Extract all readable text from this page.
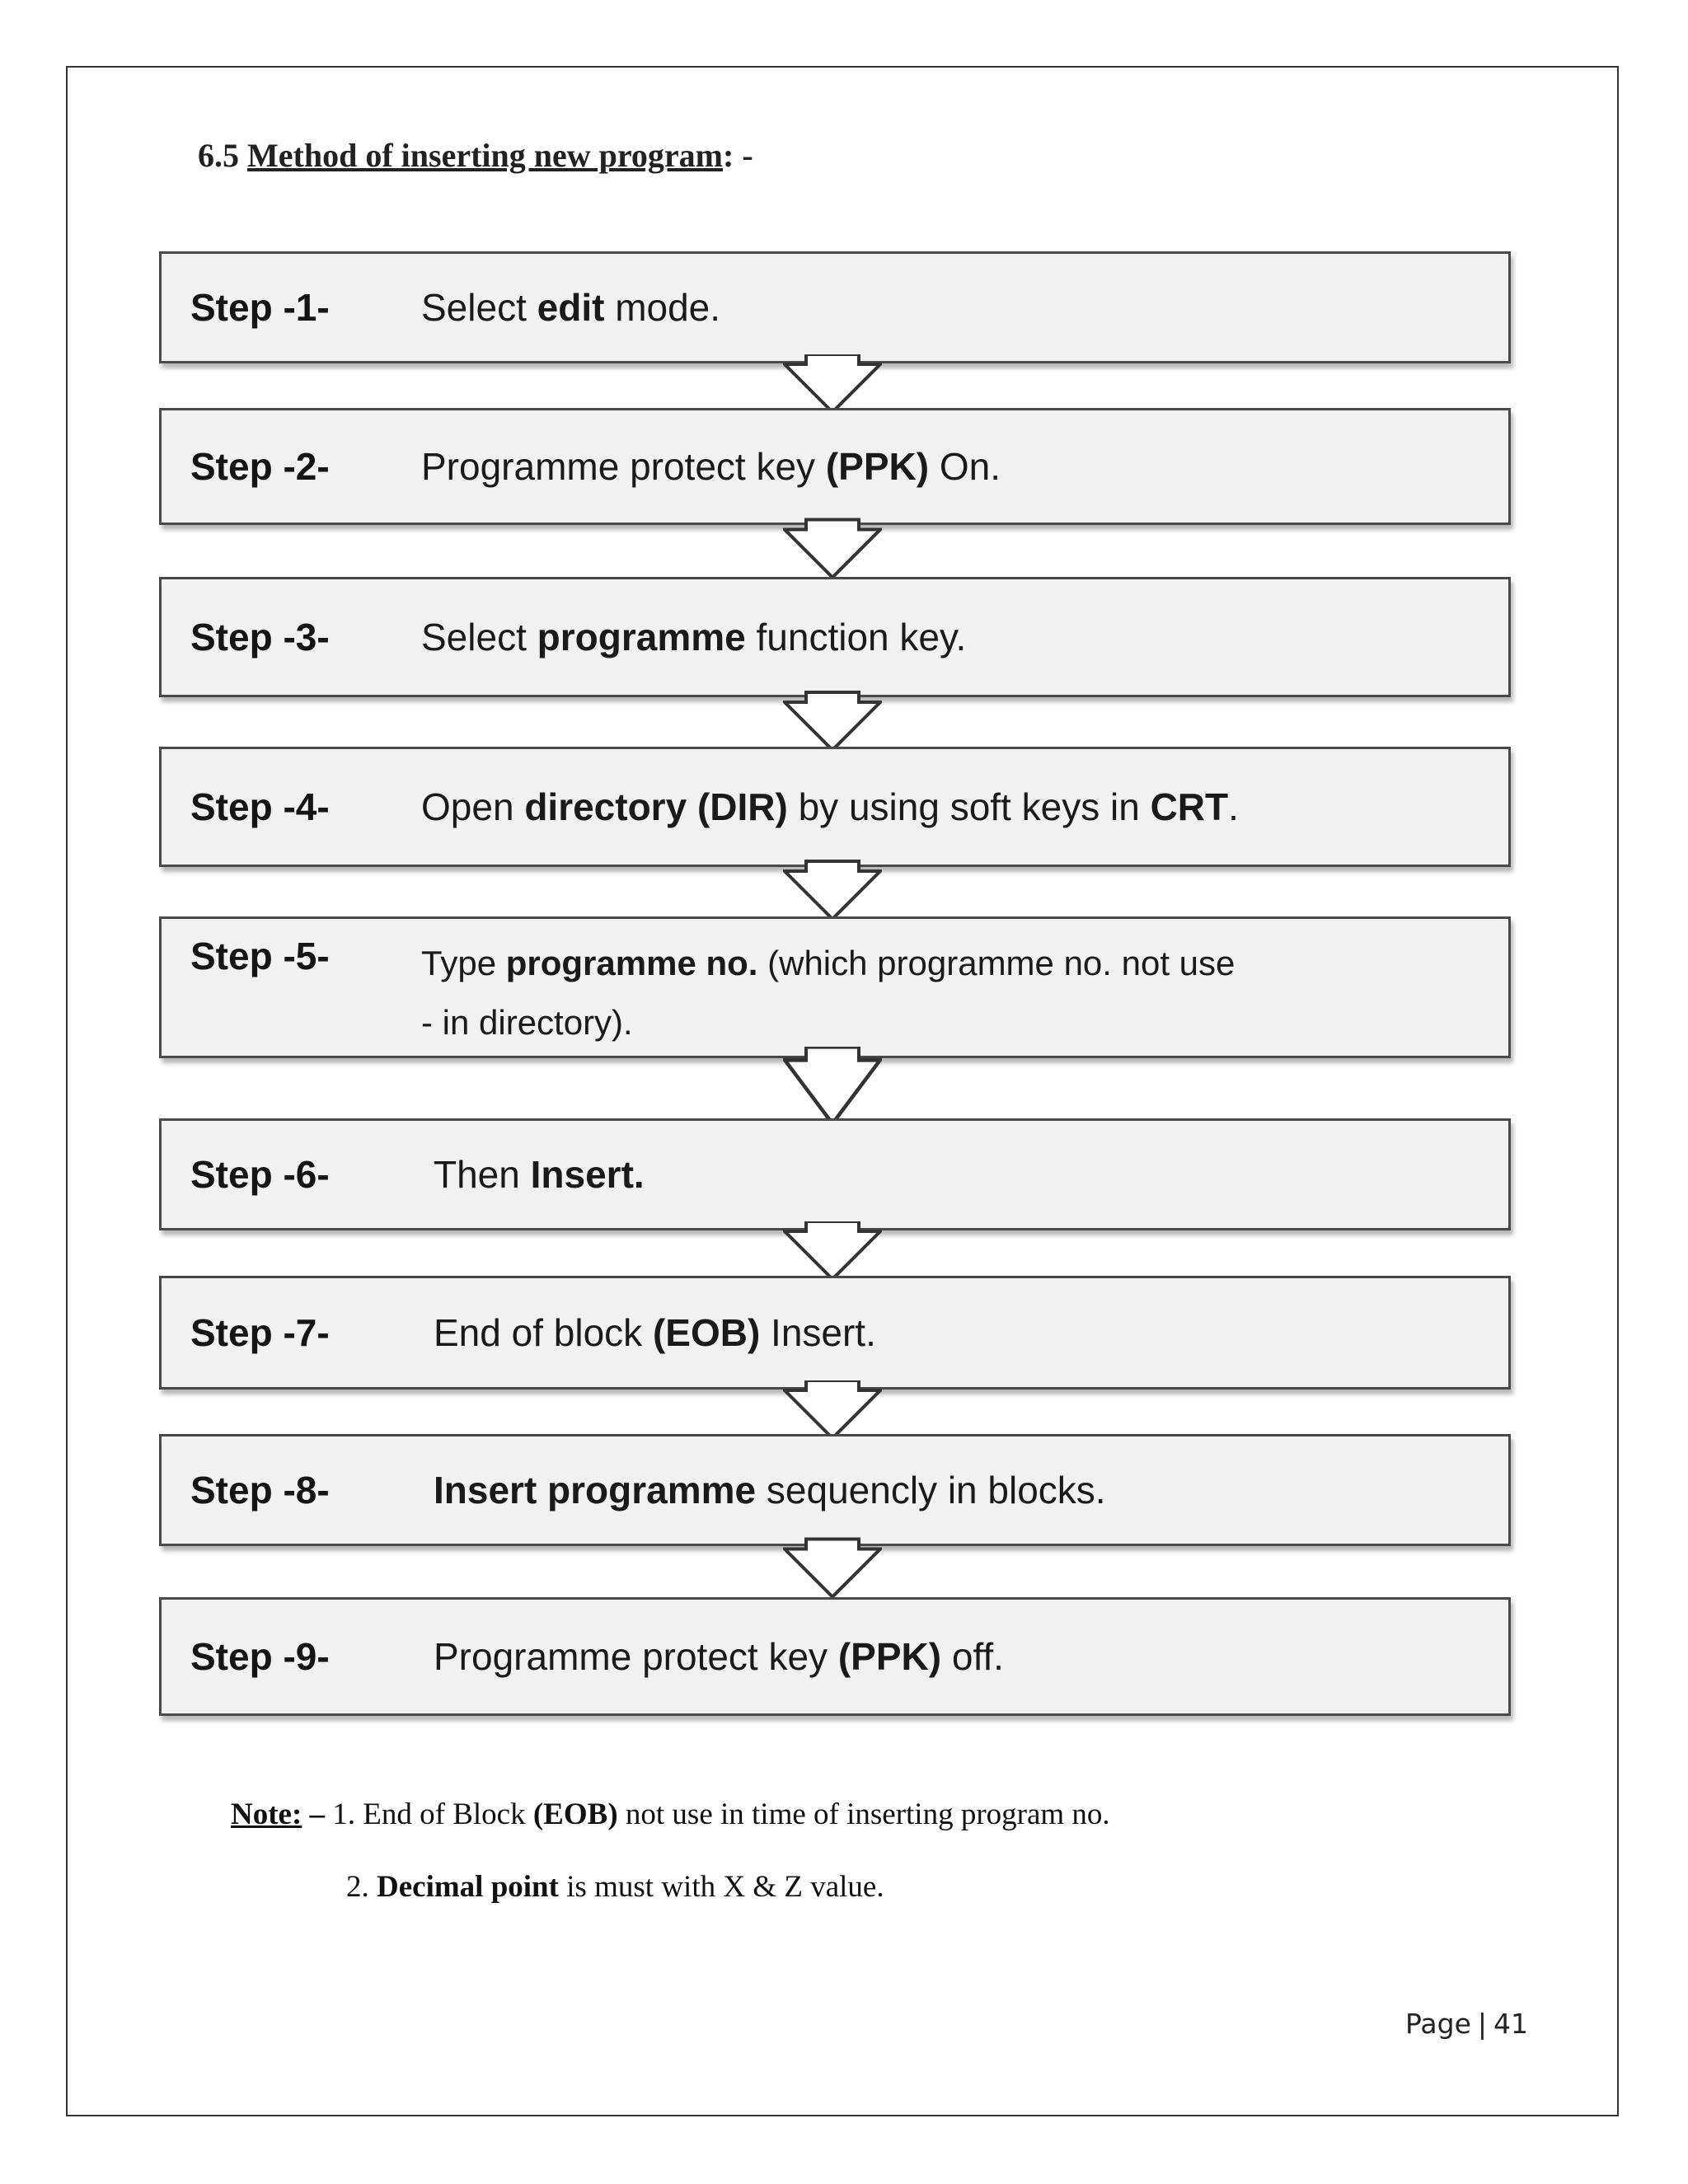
6.5 Method of inserting new program: -
Step -1- Select edit mode.
Step -2- Programme protect key (PPK) On.
Step -3- Select programme function key.
Step -4- Open directory (DIR) by using soft keys in CRT.
Step -5-	Type programme no. (which programme no. not use
- in directory).
Step -6-	Then Insert.
Step -7-	End of block (EOB) Insert.
Step -8-	Insert programme sequencly in blocks.
Step -9-	Programme protect key (PPK) off.
Note: – 1. End of Block (EOB) not use in time of inserting program no.
2. Decimal point is must with X & Z value.
Page | 41
